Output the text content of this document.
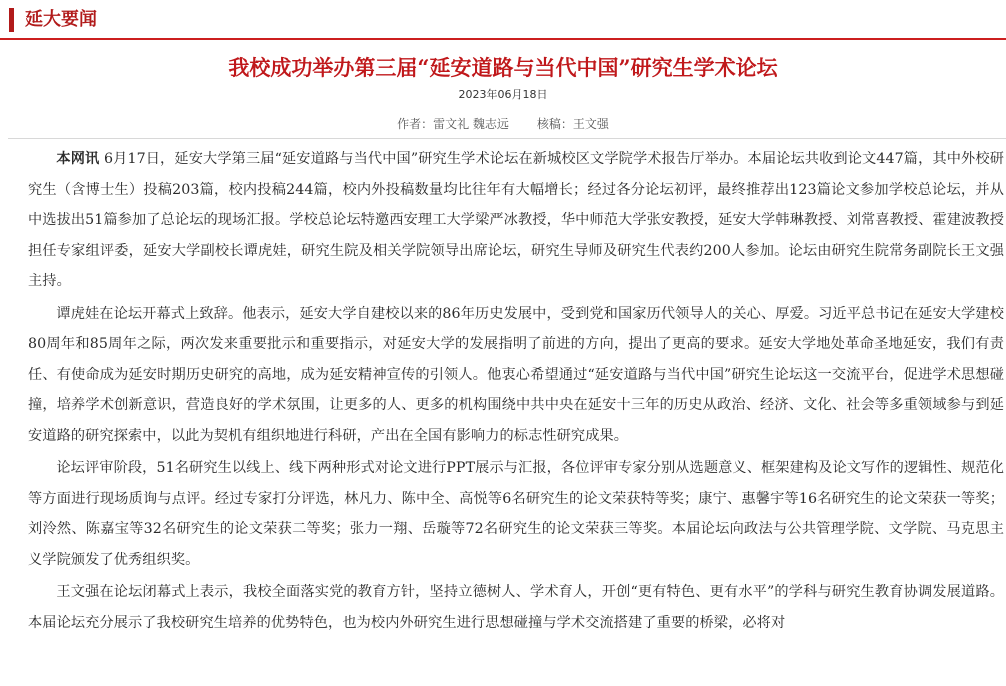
延大要闻
我校成功举办第三届“延安道路与当代中国”研究生学术论坛
2023年06月18日
作者：雷文礼 魏志远 核稿：王文强

本网讯 6月17日，延安大学第三届“延安道路与当代中国”研究生学术论坛在新城校区文学院学术报告厅举办。本届论坛共收到论文447篇，其中外校研究生（含博士生）投稿203篇，校内投稿244篇，校内外投稿数量均比往年有大幅增长；经过各分论坛初评，最终推荐出123篇论文参加学校总论坛，并从中选拔出51篇参加了总论坛的现场汇报。学校总论坛特邀西安理工大学梁严冰教授，华中师范大学张安教授，延安大学韩琳教授、刘常喜教授、霍建波教授担任专家组评委，延安大学副校长谭虎娃，研究生院及相关学院领导出席论坛，研究生导师及研究生代表约200人参加。论坛由研究生院常务副院长王文强主持。

谭虎娃在论坛开幕式上致辞。他表示，延安大学自建校以来的86年历史发展中，受到党和国家历代领导人的关心、厚爱。习近平总书记在延安大学建校80周年和85周年之际，两次发来重要批示和重要指示，对延安大学的发展指明了前进的方向，提出了更高的要求。延安大学地处革命圣地延安，我们有责任、有使命成为延安时期历史研究的高地，成为延安精神宣传的引领人。他衷心希望通过“延安道路与当代中国”研究生论坛这一交流平台，促进学术思想碰撞，培养学术创新意识，营造良好的学术氛围，让更多的人、更多的机构围绕中共中央在延安十三年的历史从政治、经济、文化、社会等多重领域参与到延安道路的研究探索中，以此为契机有组织地进行科研，产出在全国有影响力的标志性研究成果。

论坛评审阶段，51名研究生以线上、线下两种形式对论文进行PPT展示与汇报，各位评审专家分别从选题意义、框架建构及论文写作的逻辑性、规范化等方面进行现场质询与点评。经过专家打分评选，林凡力、陈中全、高悦等6名研究生的论文荣获特等奖；康宁、惠馨宇等16名研究生的论文荣获一等奖；刘泠然、陈嘉宝等32名研究生的论文荣获二等奖；张力一翔、岳璇等72名研究生的论文荣获三等奖。本届论坛向政法与公共管理学院、文学院、马克思主义学院颁发了优秀组织奖。

王文强在论坛闭幕式上表示，我校全面落实党的教育方针，坚持立德树人、学术育人，开创“更有特色、更有水平”的学科与研究生教育协调发展道路。本届论坛充分展示了我校研究生培养的优势特色，也为校内外研究生进行思想碰撞与学术交流搭建了重要的桥梁，必将对
